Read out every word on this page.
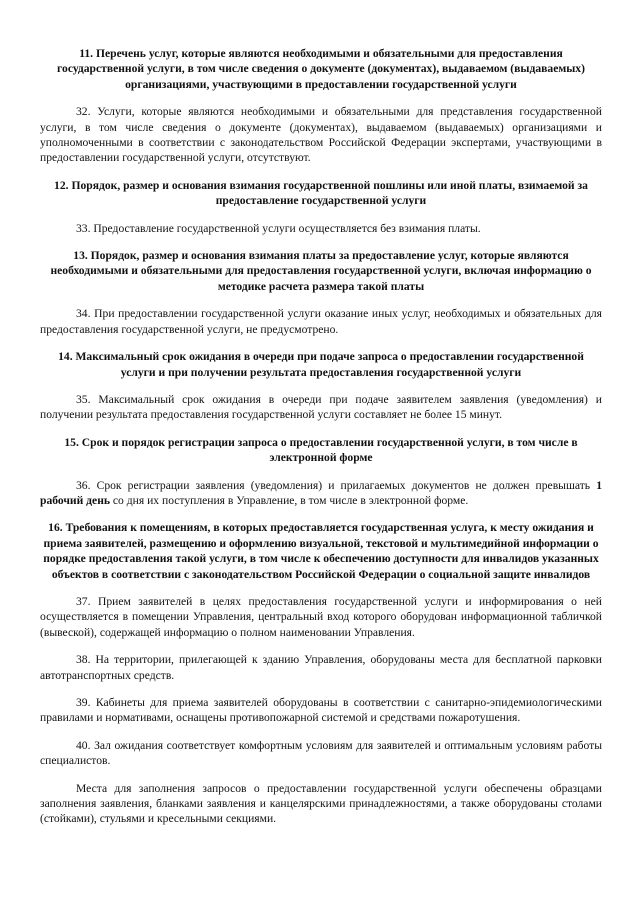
11. Перечень услуг, которые являются необходимыми и обязательными для предоставления государственной услуги, в том числе сведения о документе (документах), выдаваемом (выдаваемых) организациями, участвующими в предоставлении государственной услуги
32. Услуги, которые являются необходимыми и обязательными для представления государственной услуги, в том числе сведения о документе (документах), выдаваемом (выдаваемых) организациями и уполномоченными в соответствии с законодательством Российской Федерации экспертами, участвующими в предоставлении государственной услуги, отсутствуют.
12. Порядок, размер и основания взимания государственной пошлины или иной платы, взимаемой за предоставление государственной услуги
33. Предоставление государственной услуги осуществляется без взимания платы.
13. Порядок, размер и основания взимания платы за предоставление услуг, которые являются необходимыми и обязательными для предоставления государственной услуги, включая информацию о методике расчета размера такой платы
34. При предоставлении государственной услуги оказание иных услуг, необходимых и обязательных для предоставления государственной услуги, не предусмотрено.
14. Максимальный срок ожидания в очереди при подаче запроса о предоставлении государственной услуги и при получении результата предоставления государственной услуги
35. Максимальный срок ожидания в очереди при подаче заявителем заявления (уведомления) и получении результата предоставления государственной услуги составляет не более 15 минут.
15. Срок и порядок регистрации запроса о предоставлении государственной услуги, в том числе в электронной форме
36. Срок регистрации заявления (уведомления) и прилагаемых документов не должен превышать 1 рабочий день со дня их поступления в Управление, в том числе в электронной форме.
16. Требования к помещениям, в которых предоставляется государственная услуга, к месту ожидания и приема заявителей, размещению и оформлению визуальной, текстовой и мультимедийной информации о порядке предоставления такой услуги, в том числе к обеспечению доступности для инвалидов указанных объектов в соответствии с законодательством Российской Федерации о социальной защите инвалидов
37. Прием заявителей в целях предоставления государственной услуги и информирования о ней осуществляется в помещении Управления, центральный вход которого оборудован информационной табличкой (вывеской), содержащей информацию о полном наименовании Управления.
38. На территории, прилегающей к зданию Управления, оборудованы места для бесплатной парковки автотранспортных средств.
39. Кабинеты для приема заявителей оборудованы в соответствии с санитарно-эпидемиологическими правилами и нормативами, оснащены противопожарной системой и средствами пожаротушения.
40. Зал ожидания соответствует комфортным условиям для заявителей и оптимальным условиям работы специалистов.
Места для заполнения запросов о предоставлении государственной услуги обеспечены образцами заполнения заявления, бланками заявления и канцелярскими принадлежностями, а также оборудованы столами (стойками), стульями и кресельными секциями.
